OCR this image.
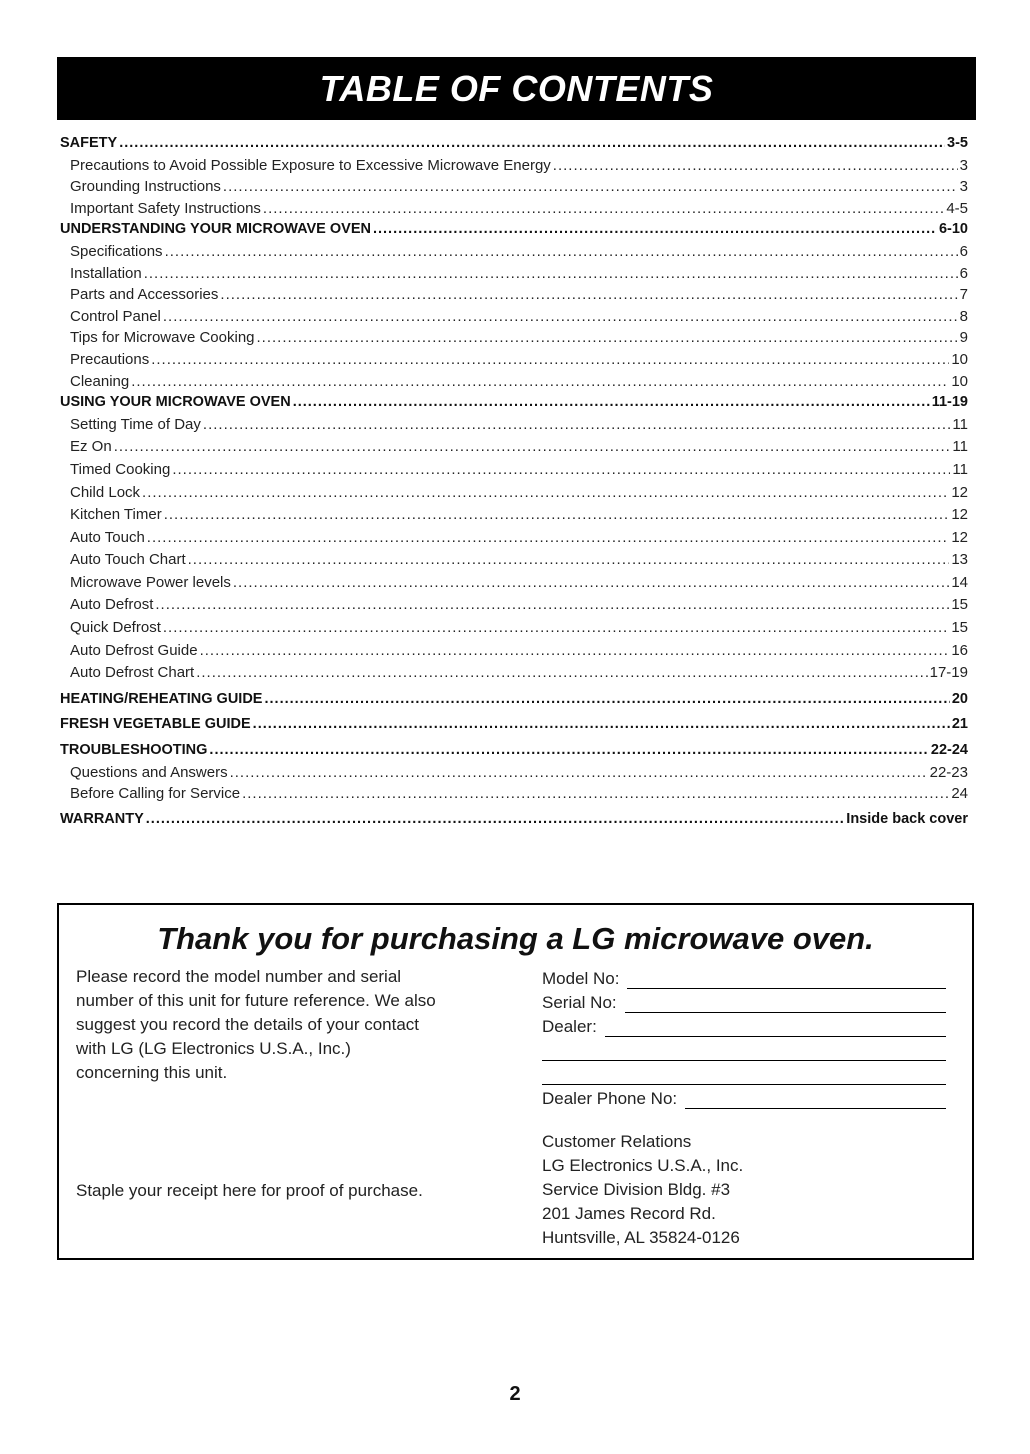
TABLE OF CONTENTS
SAFETY .....	3-5
Precautions to Avoid Possible Exposure to Excessive Microwave Energy .....	3
Grounding Instructions .....	3
Important Safety Instructions .....	4-5
UNDERSTANDING YOUR MICROWAVE OVEN .....	6-10
Specifications .....	6
Installation .....	6
Parts and Accessories .....	7
Control Panel .....	8
Tips for Microwave Cooking .....	9
Precautions .....	10
Cleaning .....	10
USING YOUR MICROWAVE OVEN .....	11-19
Setting Time of Day .....	11
Ez On .....	11
Timed Cooking .....	11
Child Lock .....	12
Kitchen Timer .....	12
Auto Touch .....	12
Auto Touch Chart .....	13
Microwave Power levels .....	14
Auto Defrost .....	15
Quick Defrost .....	15
Auto Defrost Guide .....	16
Auto Defrost Chart .....	17-19
HEATING/REHEATING GUIDE .....	20
FRESH VEGETABLE GUIDE .....	21
TROUBLESHOOTING .....	22-24
Questions and Answers .....	22-23
Before Calling for Service .....	24
WARRANTY .....	Inside back cover
Thank you for purchasing a LG microwave oven.
Please record the model number and serial
number of this unit for future reference. We also
suggest you record the details of your contact
with LG (LG Electronics U.S.A., Inc.)
concerning this unit.
Staple your receipt here for proof of purchase.
Model No:
Serial No:
Dealer:
Dealer Phone No:
Customer Relations
LG Electronics U.S.A., Inc.
Service Division Bldg. #3
201 James Record Rd.
Huntsville, AL 35824-0126
2
